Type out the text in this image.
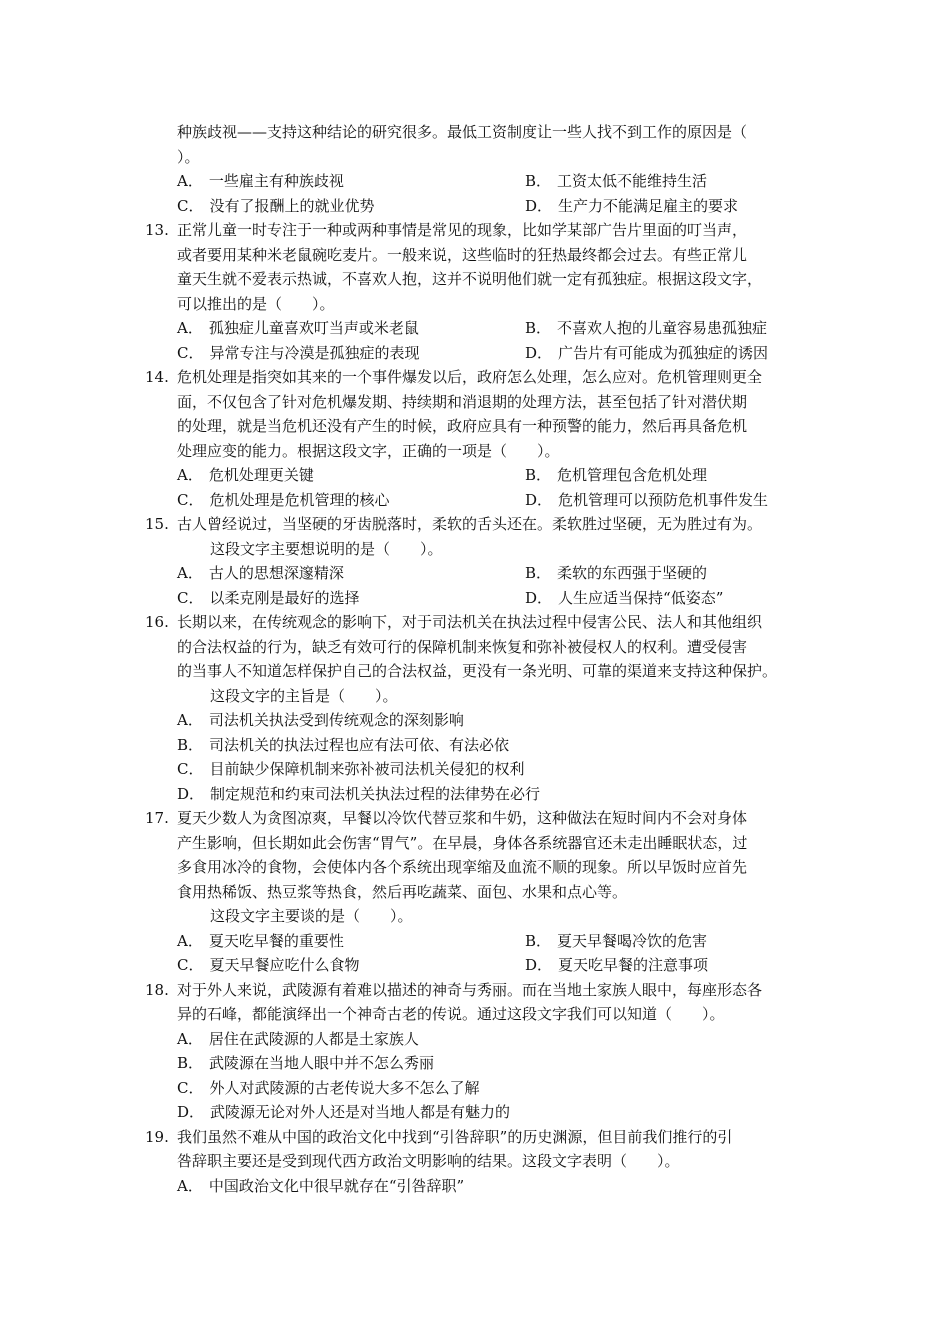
种族歧视——支持这种结论的研究很多。最低工资制度让一些人找不到工作的原因是（
）。
A． 一些雇主有种族歧视	B． 工资太低不能维持生活
C． 没有了报酬上的就业优势	D． 生产力不能满足雇主的要求
13. 正常儿童一时专注于一种或两种事情是常见的现象，比如学某部广告片里面的叮当声，
或者要用某种米老鼠碗吃麦片。一般来说，这些临时的狂热最终都会过去。有些正常儿
童天生就不爱表示热诚，不喜欢人抱，这并不说明他们就一定有孤独症。根据这段文字，
可以推出的是（　　）。
A． 孤独症儿童喜欢叮当声或米老鼠	B． 不喜欢人抱的儿童容易患孤独症
C． 异常专注与冷漠是孤独症的表现	D． 广告片有可能成为孤独症的诱因
14. 危机处理是指突如其来的一个事件爆发以后，政府怎么处理，怎么应对。危机管理则更全
面，不仅包含了针对危机爆发期、持续期和消退期的处理方法，甚至包括了针对潜伏期
的处理，就是当危机还没有产生的时候，政府应具有一种预警的能力，然后再具备危机
处理应变的能力。根据这段文字，正确的一项是（　　）。
A． 危机处理更关键	B． 危机管理包含危机处理
C． 危机处理是危机管理的核心	D． 危机管理可以预防危机事件发生
15. 古人曾经说过，当坚硬的牙齿脱落时，柔软的舌头还在。柔软胜过坚硬，无为胜过有为。
这段文字主要想说明的是（　　）。
A． 古人的思想深邃精深	B． 柔软的东西强于坚硬的
C． 以柔克刚是最好的选择	D． 人生应适当保持“低姿态”
16. 长期以来，在传统观念的影响下，对于司法机关在执法过程中侵害公民、法人和其他组织
的合法权益的行为，缺乏有效可行的保障机制来恢复和弥补被侵权人的权利。遭受侵害
的当事人不知道怎样保护自己的合法权益，更没有一条光明、可靠的渠道来支持这种保护。
这段文字的主旨是（　　）。
A． 司法机关执法受到传统观念的深刻影响
B． 司法机关的执法过程也应有法可依、有法必依
C． 目前缺少保障机制来弥补被司法机关侵犯的权利
D． 制定规范和约束司法机关执法过程的法律势在必行
17. 夏天少数人为贪图凉爽，早餐以冷饮代替豆浆和牛奶，这种做法在短时间内不会对身体
产生影响，但长期如此会伤害“胃气”。在早晨，身体各系统器官还未走出睡眠状态，过
多食用冰冷的食物，会使体内各个系统出现挛缩及血流不顺的现象。所以早饭时应首先
食用热稀饭、热豆浆等热食，然后再吃蔬菜、面包、水果和点心等。
这段文字主要谈的是（　　）。
A． 夏天吃早餐的重要性	B． 夏天早餐喝冷饮的危害
C． 夏天早餐应吃什么食物	D． 夏天吃早餐的注意事项
18. 对于外人来说，武陵源有着难以描述的神奇与秀丽。而在当地土家族人眼中，每座形态各
异的石峰，都能演绎出一个神奇古老的传说。通过这段文字我们可以知道（　　）。
A． 居住在武陵源的人都是土家族人
B． 武陵源在当地人眼中并不怎么秀丽
C． 外人对武陵源的古老传说大多不怎么了解
D． 武陵源无论对外人还是对当地人都是有魅力的
19. 我们虽然不难从中国的政治文化中找到“引咎辞职”的历史渊源，但目前我们推行的引
咎辞职主要还是受到现代西方政治文明影响的结果。这段文字表明（　　）。
A． 中国政治文化中很早就存在“引咎辞职”
